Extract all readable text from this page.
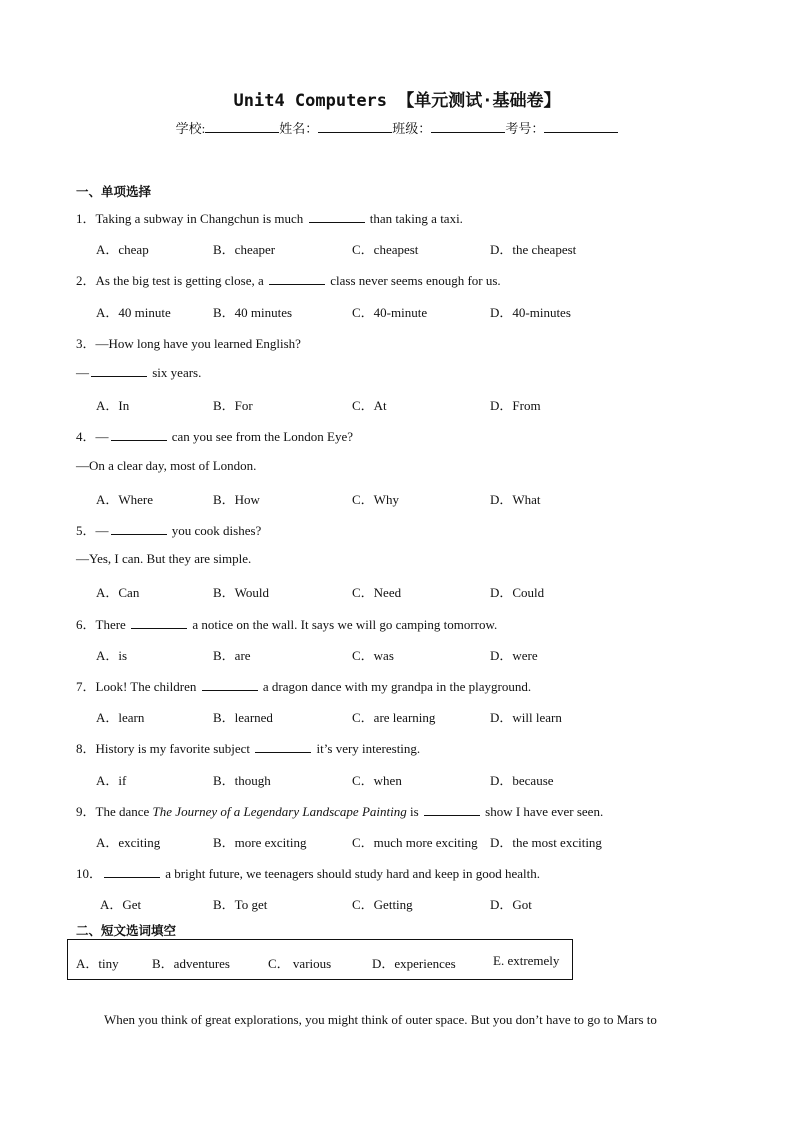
Unit4 Computers 【单元测试·基础卷】
学校:	姓名：	班级：	考号：
一、单项选择
1．Taking a subway in Changchun is much	than taking a taxi.
A．cheap	B．cheaper	C．cheapest	D．the cheapest
2．As the big test is getting close, a	class never seems enough for us.
A．40 minute	B．40 minutes	C．40-minute	D．40-minutes
3．—How long have you learned English?
—	six years.
A．In	B．For	C．At	D．From
4．—	can you see from the London Eye?
—On a clear day, most of London.
A．Where	B．How	C．Why	D．What
5．—	you cook dishes?
—Yes, I can. But they are simple.
A．Can	B．Would	C．Need	D．Could
6．There	a notice on the wall. It says we will go camping tomorrow.
A．is	B．are	C．was	D．were
7．Look! The children	a dragon dance with my grandpa in the playground.
A．learn	B．learned	C．are learning	D．will learn
8．History is my favorite subject	it’s very interesting.
A．if	B．though	C．when	D．because
9．The dance The Journey of a Legendary Landscape Painting is	show I have ever seen.
A．exciting	B．more exciting	C．much more exciting D．the most exciting
10．	a bright future, we teenagers should study hard and keep in good health.
A．Get	B．To get	C．Getting	D．Got
二、短文选词填空
A．tiny	B．adventures	C． various	D．experiences	E. extremely
When you think of great explorations, you might think of outer space. But you don’t have to go to Mars to
